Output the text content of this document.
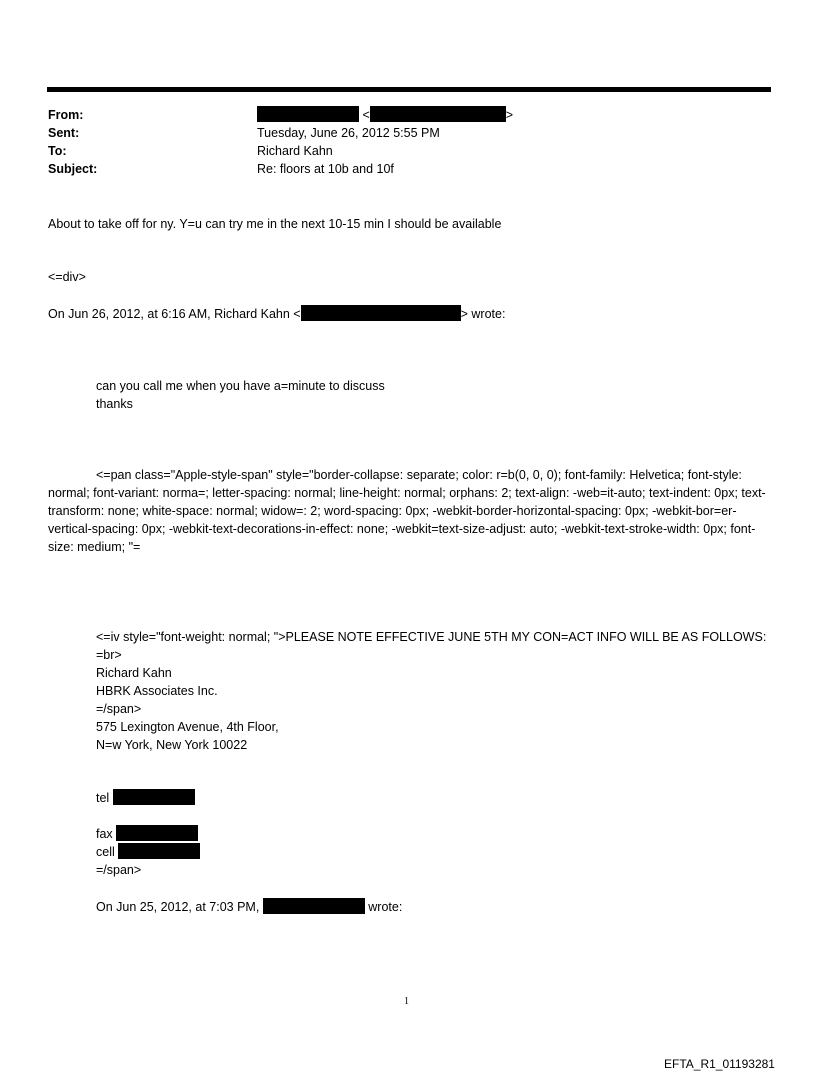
From:	<	>
Sent:	Tuesday, June 26, 2012 5:55 PM
To:	Richard Kahn
Subject:	Re: floors at 10b and 10f
About to take off for ny. Y=u can try me in the next 10-15 min I should be available
<=div>
On Jun 26, 2012, at 6:16 AM, Richard Kahn <	> wrote:
can you call me when you have a=minute to discuss
thanks
<=pan class="Apple-style-span" style="border-collapse: separate; color: r=b(0, 0, 0); font-family: Helvetica; font-style: normal; font-variant: norma=; letter-spacing: normal; line-height: normal; orphans: 2; text-align: -web=it-auto; text-indent: 0px; text-transform: none; white-space: normal; widow=: 2; word-spacing: 0px; -webkit-border-horizontal-spacing: 0px; -webkit-bor=er-vertical-spacing: 0px; -webkit-text-decorations-in-effect: none; -webkit=text-size-adjust: auto; -webkit-text-stroke-width: 0px; font-size: medium; "=
<=iv style="font-weight: normal; ">PLEASE NOTE EFFECTIVE JUNE 5TH MY CON=ACT INFO WILL BE AS FOLLOWS:
=br>
Richard Kahn
HBRK Associates Inc.
=/span>
575 Lexington Avenue, 4th Floor,
N=w York, New York 10022
tel
fax
cell
=/span>
On Jun 25, 2012, at 7:03 PM,	wrote:
1
EFTA_R1_01193281
